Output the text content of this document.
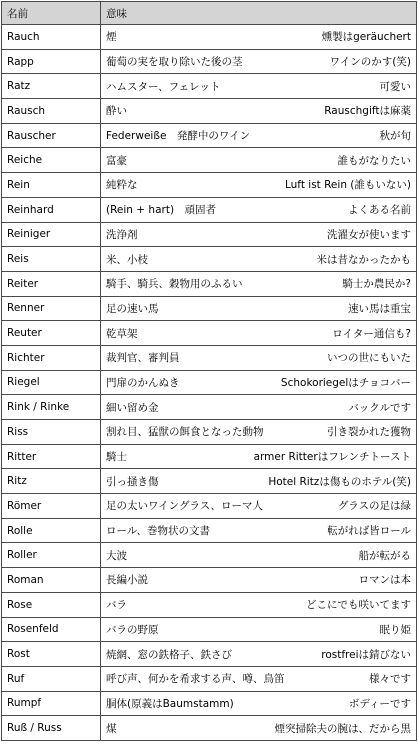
名前	意味
Rauch	煙 燻製はgeräuchert

Rapp	葡萄の実を取り除いた後の茎 ワインのかす(笑)

Ratz	ハムスター、フェレット 可愛い

Rausch	酔い Rauschgiftは麻薬

Rauscher	Federweiße　発酵中のワイン 秋が旬

Reiche	富豪 誰もがなりたい

Rein	純粋な Luft ist Rein (誰もいない)

Reinhard	(Rein + hart)　頑固者 よくある名前

Reiniger	洗浄剤 洗濯女が使います

Reis	米、小枝 米は昔なかったかも

Reiter	騎手、騎兵、穀物用のふるい 騎士か農民か?

Renner	足の速い馬 速い馬は重宝

Reuter	乾草架 ロイター通信も?

Richter	裁判官、審判員 いつの世にもいた

Riegel	門扉のかんぬき Schokoriegelはチョコバー

Rink / Rinke	細い留め金 バックルです

Riss	割れ目、猛獣の餌食となった動物 引き裂かれた獲物

Ritter	騎士 armer Ritterはフレンチトースト

Ritz	引っ掻き傷 Hotel Ritzは傷ものホテル(笑)

Römer	足の太いワイングラス、ローマ人 グラスの足は緑

Rolle	ロール、巻物状の文書 転がれば皆ロール

Roller	大波 船が転がる

Roman	長編小説 ロマンは本

Rose	バラ どこにでも咲いてます

Rosenfeld	バラの野原 眠り姫

Rost	焼網、窓の鉄格子、鉄さび rostfreiは錆びない

Ruf	呼び声、何かを希求する声、噂、鳥笛 様々です

Rumpf	胴体(原義はBaumstamm) ボディーです

Ruß / Russ	煤 煙突掃除夫の腕は、だから黒
